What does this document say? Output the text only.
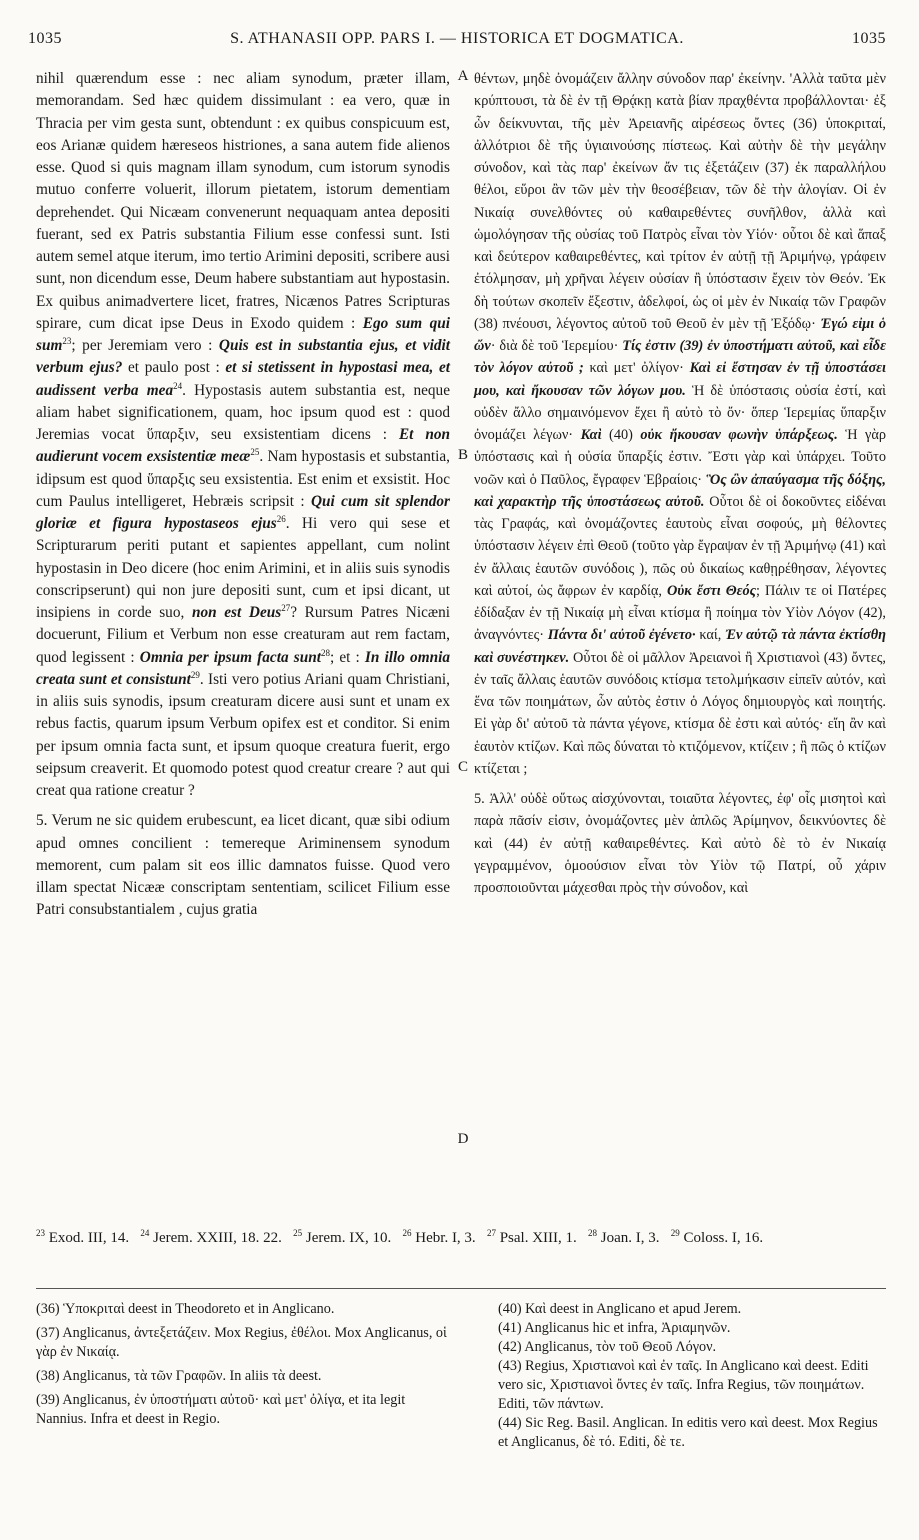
1035	S. ATHANASII OPP. PARS I. — HISTORICA ET DOGMATICA.	1035
A
B
C
D

nihil quærendum esse : nec aliam synodum, præter illam, memorandam. Sed hæc quidem dissimulant : ea vero, quæ in Thracia per vim gesta sunt, obtendunt : ex quibus conspicuum est, eos Arianæ quidem hæreseos histriones, a sana autem fide alienos esse. Quod si quis magnam illam synodum, cum istorum synodis mutuo conferre voluerit, illorum pietatem, istorum dementiam deprehendet. Qui Nicæam convenerunt nequaquam antea depositi fuerant, sed ex Patris substantia Filium esse confessi sunt. Isti autem semel atque iterum, imo tertio Arimini depositi, scribere ausi sunt, non dicendum esse, Deum habere substantiam aut hypostasin. Ex quibus animadvertere licet, fratres, Nicænos Patres Scripturas spirare, cum dicat ipse Deus in Exodo quidem : Ego sum qui sum$^{23}$; per Jeremiam vero : Quis est in substantia ejus, et vidit verbum ejus? et paulo post : et si stetissent in hypostasi mea, et audissent verba mea$^{24}$. Hypostasis autem substantia est, neque aliam habet significationem, quam, hoc ipsum quod est : quod Jeremias vocat ὕπαρξιν, seu exsistentiam dicens : Et non audierunt vocem exsistentiæ meæ$^{25}$. Nam hypostasis et substantia, idipsum est quod ὕπαρξις seu exsistentia. Est enim et exsistit. Hoc cum Paulus intelligeret, Hebræis scripsit : Qui cum sit splendor gloriæ et figura hypostaseos ejus$^{26}$. Hi vero qui sese et Scripturarum periti putant et sapientes appellant, cum nolint hypostasin in Deo dicere (hoc enim Arimini, et in aliis suis synodis conscripserunt) qui non jure depositi sunt, cum et ipsi dicant, ut insipiens in corde suo, non est Deus$^{27}$? Rursum Patres Nicæni docuerunt, Filium et Verbum non esse creaturam aut rem factam, quod legissent : Omnia per ipsum facta sunt$^{28}$; et : In illo omnia creata sunt et consistunt$^{29}$. Isti vero potius Ariani quam Christiani, in aliis suis synodis, ipsum creaturam dicere ausi sunt et unam ex rebus factis, quarum ipsum Verbum opifex est et conditor. Si enim per ipsum omnia facta sunt, et ipsum quoque creatura fuerit, ergo seipsum creaverit. Et quomodo potest quod creatur creare ? aut qui creat qua ratione creatur ?

5. Verum ne sic quidem erubescunt, ea licet dicant, quæ sibi odium apud omnes concilient : temereque Ariminensem synodum memorent, cum palam sit eos illic damnatos fuisse. Quod vero illam spectat Nicææ conscriptam sententiam, scilicet Filium esse Patri consubstantialem , cujus gratia

θέντων, μηδὲ ὀνομάζειν ἄλλην σύνοδον παρ' ἐκείνην. 'Αλλὰ ταῦτα μὲν κρύπτουσι, τὰ δὲ ἐν τῇ Θρᾴκῃ κατὰ βίαν πραχθέντα προβάλλονται· ἐξ ὧν δείκνυνται, τῆς μὲν Ἀρειανῆς αἱρέσεως ὄντες (36) ὑποκριταί, ἀλλότριοι δὲ τῆς ὑγιαινούσης πίστεως. Καὶ αὐτὴν δὲ τὴν μεγάλην σύνοδον, καὶ τὰς παρ' ἐκείνων ἄν τις ἐξετάζειν (37) ἐκ παραλλήλου θέλοι, εὕροι ἂν τῶν μὲν τὴν θεοσέβειαν, τῶν δὲ τὴν ἀλογίαν. Οἱ ἐν Νικαίᾳ συνελθόντες οὐ καθαιρεθέντες συνῆλθον, ἀλλὰ καὶ ὡμολόγησαν τῆς οὐσίας τοῦ Πατρὸς εἶναι τὸν Υἱόν· οὗτοι δὲ καὶ ἅπαξ καὶ δεύτερον καθαιρεθέντες, καὶ τρίτον ἐν αὐτῇ τῇ Ἀριμήνῳ, γράφειν ἐτόλμησαν, μὴ χρῆναι λέγειν οὐσίαν ἢ ὑπόστασιν ἔχειν τὸν Θεόν. Ἐκ δὴ τούτων σκοπεῖν ἔξεστιν, ἀδελφοί, ὡς οἱ μὲν ἐν Νικαίᾳ τῶν Γραφῶν (38) πνέουσι, λέγοντος αὐτοῦ τοῦ Θεοῦ ἐν μὲν τῇ Ἐξόδῳ· Ἐγώ εἰμι ὁ ὤν· διὰ δὲ τοῦ Ἱερεμίου· Τίς ἐστιν (39) ἐν ὑποστήματι αὐτοῦ, καὶ εἶδε τὸν λόγον αὐτοῦ ; καὶ μετ' ὀλίγον· Καὶ εἰ ἔστησαν ἐν τῇ ὑποστάσει μου, καὶ ἤκουσαν τῶν λόγων μου. Ἡ δὲ ὑπόστασις οὐσία ἐστί, καὶ οὐδὲν ἄλλο σημαινόμενον ἔχει ἢ αὐτὸ τὸ ὄν· ὅπερ Ἱερεμίας ὕπαρξιν ὀνομάζει λέγων· Καὶ (40) οὐκ ἤκουσαν φωνὴν ὑπάρξεως. Ἡ γὰρ ὑπόστασις καὶ ἡ οὐσία ὕπαρξίς ἐστιν. Ἔστι γὰρ καὶ ὑπάρχει. Τοῦτο νοῶν καὶ ὁ Παῦλος, ἔγραφεν Ἑβραίοις· Ὃς ὢν ἀπαύγασμα τῆς δόξης, καὶ χαρακτὴρ τῆς ὑποστάσεως αὐτοῦ. Οὗτοι δὲ οἱ δοκοῦντες εἰδέναι τὰς Γραφάς, καὶ ὀνομάζοντες ἑαυτοὺς εἶναι σοφούς, μὴ θέλοντες ὑπόστασιν λέγειν ἐπὶ Θεοῦ (τοῦτο γὰρ ἔγραψαν ἐν τῇ Ἀριμήνῳ (41) καὶ ἐν ἄλλαις ἑαυτῶν συνόδοις ), πῶς οὐ δικαίως καθῃρέθησαν, λέγοντες καὶ αὐτοί, ὡς ἄφρων ἐν καρδίᾳ, Οὐκ ἔστι Θεός; Πάλιν τε οἱ Πατέρες ἐδίδαξαν ἐν τῇ Νικαίᾳ μὴ εἶναι κτίσμα ἢ ποίημα τὸν Υἱὸν Λόγον (42), ἀναγνόντες· Πάντα δι' αὐτοῦ ἐγένετο· καί, Ἐν αὐτῷ τὰ πάντα ἐκτίσθη καὶ συνέστηκεν. Οὗτοι δὲ οἱ μᾶλλον Ἀρειανοὶ ἢ Χριστιανοὶ (43) ὄντες, ἐν ταῖς ἄλλαις ἑαυτῶν συνόδοις κτίσμα τετολμήκασιν εἰπεῖν αὐτόν, καὶ ἕνα τῶν ποιημάτων, ὧν αὐτὸς ἐστιν ὁ Λόγος δημιουργὸς καὶ ποιητής. Εἰ γὰρ δι' αὐτοῦ τὰ πάντα γέγονε, κτίσμα δὲ ἐστι καὶ αὐτός· εἴη ἂν καὶ ἑαυτὸν κτίζων. Καὶ πῶς δύναται τὸ κτιζόμενον, κτίζειν ; ἢ πῶς ὁ κτίζων κτίζεται ;

5. Ἀλλ' οὐδὲ οὕτως αἰσχύνονται, τοιαῦτα λέγοντες, ἐφ' οἷς μισητοὶ καὶ παρὰ πᾶσίν εἰσιν, ὀνομάζοντες μὲν ἁπλῶς Ἀρίμηνον, δεικνύοντες δὲ καὶ (44) ἐν αὐτῇ καθαιρεθέντες. Καὶ αὐτὸ δὲ τὸ ἐν Νικαίᾳ γεγραμμένον, ὁμοούσιον εἶναι τὸν Υἱὸν τῷ Πατρί, οὗ χάριν προσποιοῦνται μάχεσθαι πρὸς τὴν σύνοδον, καὶ

$^{23}$ Exod. III, 14. $^{24}$ Jerem. XXIII, 18. 22. $^{25}$ Jerem. IX, 10. $^{26}$ Hebr. I, 3. $^{27}$ Psal. XIII, 1. $^{28}$ Joan. I, 3. $^{29}$ Coloss. I, 16.

(36) Ὑποκριταὶ deest in Theodoreto et in Anglicano.

(37) Anglicanus, ἀντεξετάζειν. Mox Regius, ἐθέλοι. Mox Anglicanus, οἱ γὰρ ἐν Νικαίᾳ.

(38) Anglicanus, τὰ τῶν Γραφῶν. In aliis τὰ deest.

(39) Anglicanus, ἐν ὑποστήματι αὐτοῦ· καὶ μετ' ὀλίγα, et ita legit Nannius. Infra et deest in Regio.

(40) Καὶ deest in Anglicano et apud Jerem.

(41) Anglicanus hic et infra, Ἀριαμηνῶν.

(42) Anglicanus, τὸν τοῦ Θεοῦ Λόγον.

(43) Regius, Χριστιανοὶ καὶ ἐν ταῖς. In Anglicano καὶ deest. Editi vero sic, Χριστιανοὶ ὄντες ἐν ταῖς. Infra Regius, τῶν ποιημάτων. Editi, τῶν πάντων.

(44) Sic Reg. Basil. Anglican. In editis vero καὶ deest. Mox Regius et Anglicanus, δὲ τό. Editi, δὲ τε.
